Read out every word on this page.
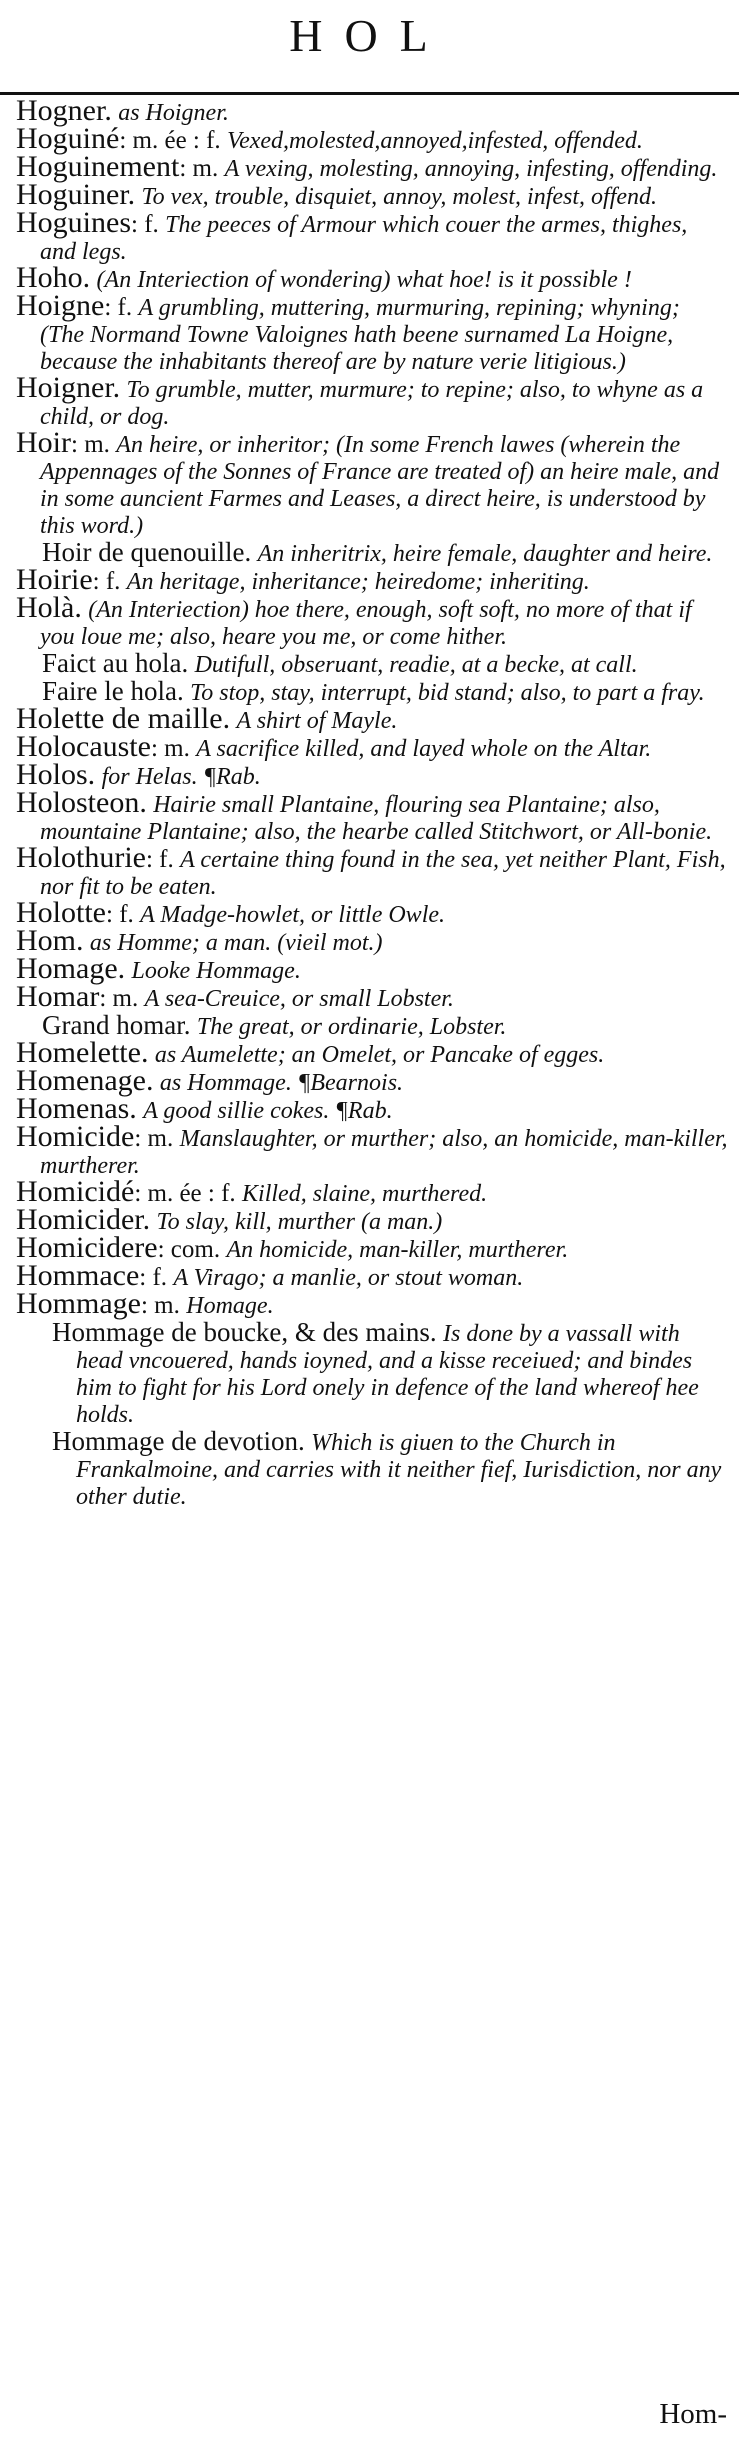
HOL

Hogner. as Hoigner.

Hoguiné: m. ée : f. Vexed,molested,annoyed,infested, offended.

Hoguinement: m. A vexing, molesting, annoying, infesting, offending.

Hoguiner. To vex, trouble, disquiet, annoy, molest, infest, offend.

Hoguines: f. The peeces of Armour which couer the armes, thighes, and legs.

Hoho. (An Interiection of wondering) what hoe! is it possible !

Hoigne: f. A grumbling, muttering, murmuring, repining; whyning; (The Normand Towne Valoignes hath beene surnamed La Hoigne, because the inhabitants thereof are by nature verie litigious.)

Hoigner. To grumble, mutter, murmure; to repine; also, to whyne as a child, or dog.

Hoir: m. An heire, or inheritor; (In some French lawes (wherein the Appennages of the Sonnes of France are treated of) an heire male, and in some auncient Farmes and Leases, a direct heire, is understood by this word.)

Hoir de quenouille. An inheritrix, heire female, daughter and heire.

Hoirie: f. An heritage, inheritance; heiredome; inheriting.

Holà. (An Interiection) hoe there, enough, soft soft, no more of that if you loue me; also, heare you me, or come hither.

Faict au hola. Dutifull, obseruant, readie, at a becke, at call.

Faire le hola. To stop, stay, interrupt, bid stand; also, to part a fray.

Holette de maille. A shirt of Mayle.

Holocauste: m. A sacrifice killed, and layed whole on the Altar.

Holos. for Helas. ¶Rab.

Holosteon. Hairie small Plantaine, flouring sea Plantaine; also, mountaine Plantaine; also, the hearbe called Stitchwort, or All-bonie.

Holothurie: f. A certaine thing found in the sea, yet neither Plant, Fish, nor fit to be eaten.

Holotte: f. A Madge-howlet, or little Owle.

Hom. as Homme; a man. (vieil mot.)

Homage. Looke Hommage.

Homar: m. A sea-Creuice, or small Lobster.

Grand homar. The great, or ordinarie, Lobster.

Homelette. as Aumelette; an Omelet, or Pancake of egges.

Homenage. as Hommage. ¶Bearnois.

Homenas. A good sillie cokes. ¶Rab.

Homicide: m. Manslaughter, or murther; also, an homicide, man-killer, murtherer.

Homicidé: m. ée : f. Killed, slaine, murthered.

Homicider. To slay, kill, murther (a man.)

Homicidere: com. An homicide, man-killer, murtherer.

Hommace: f. A Virago; a manlie, or stout woman.

Hommage: m. Homage.

Hommage de boucke, & des mains. Is done by a vassall with head vncouered, hands ioyned, and a kisse receiued; and bindes him to fight for his Lord onely in defence of the land whereof hee holds.

Hommage de devotion. Which is giuen to the Church in Frankalmoine, and carries with it neither fief, Iurisdiction, nor any other dutie.

Hom-
